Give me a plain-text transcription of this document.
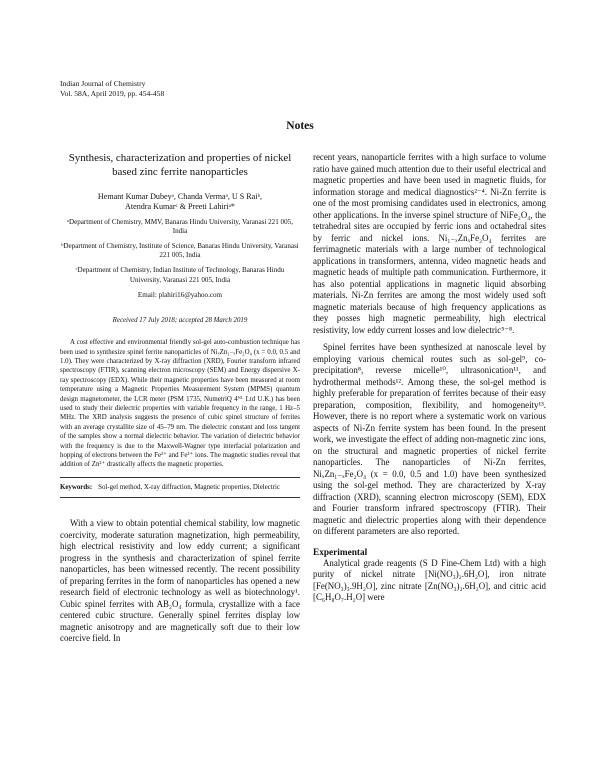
Indian Journal of Chemistry
Vol. 58A, April 2019, pp. 454-458
Notes

Synthesis, characterization and properties of nickel based zinc ferrite nanoparticles

Hemant Kumar Dubeyᵃ, Chanda Vermaᵃ, U S Raiᵇ,
Atendra Kumarᶜ & Preeti Lahiriᵃ*
ᵃDepartment of Chemistry, MMV, Banaras Hindu University, Varanasi 221 005, India
ᵇDepartment of Chemistry, Institute of Science, Banaras Hindu University, Varanasi 221 005, India
ᶜDepartment of Chemistry, Indian Institute of Technology, Banaras Hindu University, Varanasi 221 005, India
Email: plahiri16@yahoo.com
Received 17 July 2018; accepted 28 March 2019

A cost effective and environmental friendly sol-gel auto-combustion technique has been used to synthesize spinel ferrite nanoparticles of NiₓZn₁₋ₓFe₂O₄ (x = 0.0, 0.5 and 1.0). They were characterized by X-ray diffraction (XRD), Fourier transform infrared spectroscopy (FTIR), scanning electron microscopy (SEM) and Energy dispersive X-ray spectroscopy (EDX). While their magnetic properties have been measured at room temperature using a Magnetic Properties Measurement System (MPMS) quantum design magnetometer, the LCR meter (PSM 1735, NumetriQ 4ᴺᴸ Ltd U.K.) has been used to study their dielectric properties with variable frequency in the range, 1 Hz–5 MHz. The XRD analysis suggests the presence of cubic spinel structure of ferrites with an average crystallite size of 45–79 nm. The dielectric constant and loss tangent of the samples show a normal dielectric behavior. The variation of dielectric behavior with the frequency is due to the Maxwell-Wagner type interfacial polarization and hopping of electrons between the Fe²⁺ and Fe³⁺ ions. The magnetic studies reveal that addition of Zn²⁺ drastically affects the magnetic properties.

Keywords: Sol-gel method, X-ray diffraction, Magnetic properties, Dielectric

With a view to obtain potential chemical stability, low magnetic coercivity, moderate saturation magnetization, high permeability, high electrical resistivity and low eddy current; a significant progress in the synthesis and characterization of spinel ferrite nanoparticles, has been witnessed recently. The recent possibility of preparing ferrites in the form of nanoparticles has opened a new research field of electronic technology as well as biotechnology¹. Cubic spinel ferrites with AB₂O₄ formula, crystallize with a face centered cubic structure. Generally spinel ferrites display low magnetic anisotropy and are magnetically soft due to their low coercive field. In

recent years, nanoparticle ferrites with a high surface to volume ratio have gained much attention due to their useful electrical and magnetic properties and have been used in magnetic fluids, for information storage and medical diagnostics²⁻⁴. Ni-Zn ferrite is one of the most promising candidates used in electronics, among other applications. In the inverse spinel structure of NiFe₂O₄, the tetrahedral sites are occupied by ferric ions and octahedral sites by ferric and nickel ions. Ni₁₋ₓZnₓFe₂O₄ ferrites are ferrimagnetic materials with a large number of technological applications in transformers, antenna, video magnetic heads and magnetic heads of multiple path communication. Furthermore, it has also potential applications in magnetic liquid absorbing materials. Ni-Zn ferrites are among the most widely used soft magnetic materials because of high frequency applications as they posses high magnetic permeability, high electrical resistivity, low eddy current losses and low dielectric⁵⁻⁸.

Spinel ferrites have been synthesized at nanoscale level by employing various chemical routes such as sol-gel⁹, co-precipitation⁸, reverse micelle¹⁰, ultrasonication¹¹, and hydrothermal methods¹². Among these, the sol-gel method is highly preferable for preparation of ferrites because of their easy preparation, composition, flexibility, and homogeneity¹³. However, there is no report where a systematic work on various aspects of Ni-Zn ferrite system has been found. In the present work, we investigate the effect of adding non-magnetic zinc ions, on the structural and magnetic properties of nickel ferrite nanoparticles. The nanoparticles of Ni-Zn ferrites, NiₓZn₁₋ₓFe₂O₄ (x = 0.0, 0.5 and 1.0) have been synthesized using the sol-gel method. They are characterized by X-ray diffraction (XRD), scanning electron microscopy (SEM), EDX and Fourier transform infrared spectroscopy (FTIR). Their magnetic and dielectric properties along with their dependence on different parameters are also reported.

Experimental

Analytical grade reagents (S D Fine-Chem Ltd) with a high purity of nickel nitrate [Ni(NO₃)₂.6H₂O], iron nitrate [Fe(NO₃)₃.9H₂O], zinc nitrate [Zn(NO₃)₂.6H₂O], and citric acid [C₆H₈O₇.H₂O] were
